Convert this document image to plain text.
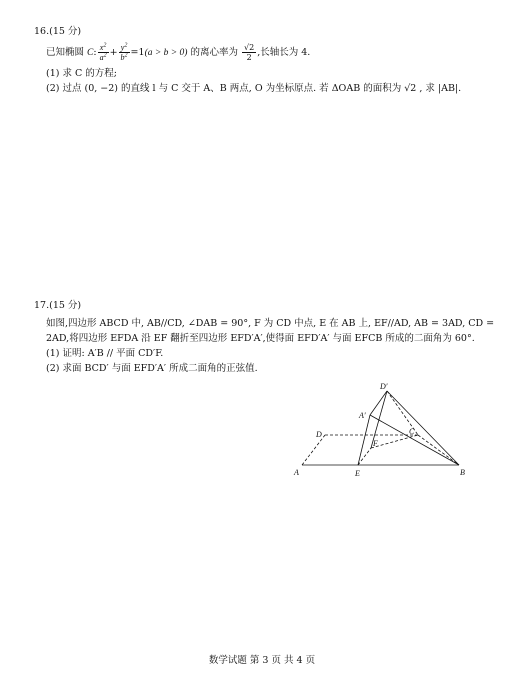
16.(15 分)
已知椭圆 C: $\frac{x^2}{a^2} + \frac{y^2}{b^2} =1(a > b > 0)$ 的离心率为 $\frac{√2}{2}$ ,长轴长为 4.
(1) 求 C 的方程;
(2) 过点 (0, −2) 的直线 l 与 C 交于 A、B 两点, O 为坐标原点. 若 ΔOAB 的面积为 √2 , 求 |AB|.
17.(15 分)
如图,四边形 ABCD 中, AB//CD, ∠DAB = 90°, F 为 CD 中点, E 在 AB 上, EF//AD, AB = 3AD, CD =
2AD,将四边形 EFDA 沿 EF 翻折至四边形 EFD′A′,使得面 EFD′A′ 与面 EFCB 所成的二面角为 60°.
(1) 证明: A′B // 平面 CD′F.
(2) 求面 BCD′ 与面 EFD′A′ 所成二面角的正弦值.
A	B
C
D
E
F
A′
D′
数学试题 第 3 页 共 4 页
